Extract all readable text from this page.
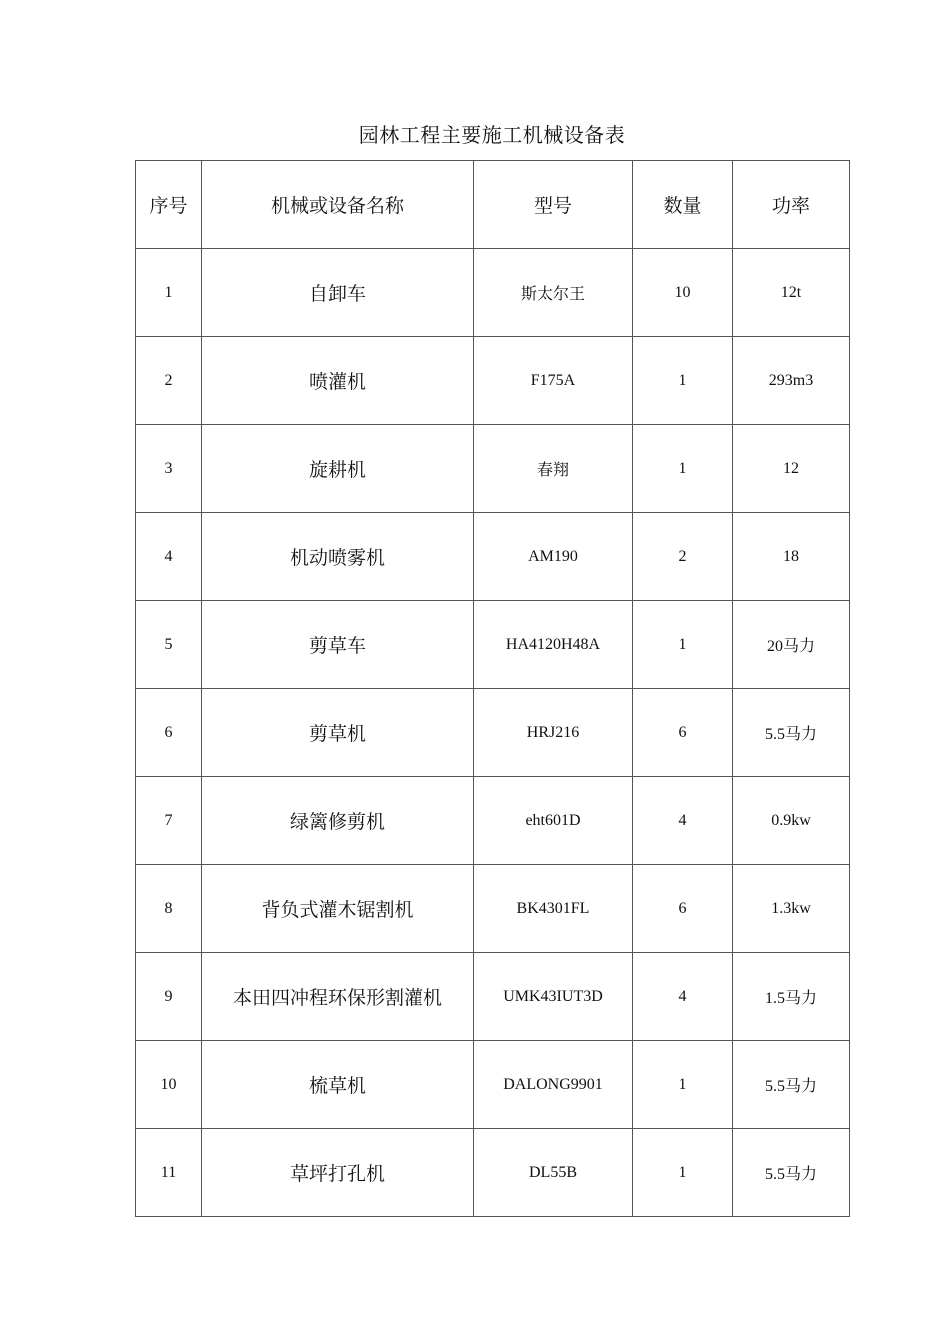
园林工程主要施工机械设备表
序号	机械或设备名称	型号	数量	功率
1	自卸车	斯太尔王	10	12t
2	喷灌机	F175A	1	293m3
3	旋耕机	春翔	1	12
4	机动喷雾机	AM190	2	18
5	剪草车	HA4120H48A	1	20马力
6	剪草机	HRJ216	6	5.5马力
7	绿篱修剪机	eht601D	4	0.9kw
8	背负式灌木锯割机	BK4301FL	6	1.3kw
9	本田四冲程环保形割灌机	UMK43IUT3D	4	1.5马力
10	梳草机	DALONG9901	1	5.5马力
11	草坪打孔机	DL55B	1	5.5马力
